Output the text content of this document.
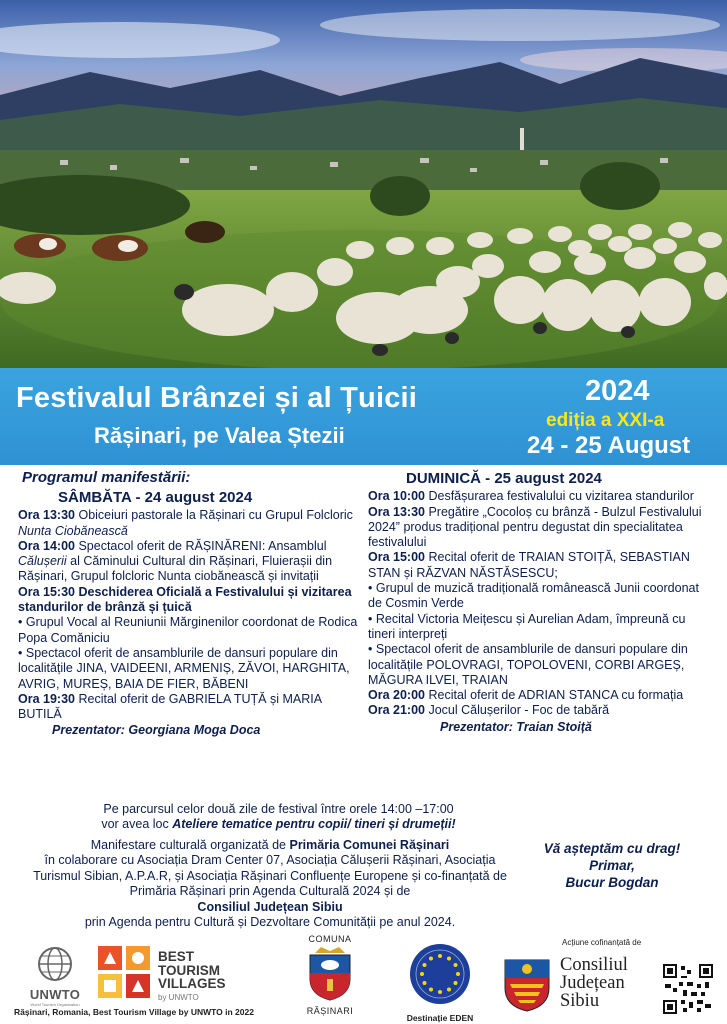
Festivalul Brânzei și al Țuicii
Rășinari, pe Valea Ștezii
2024
ediția a XXI-a
24 - 25 August
Programul manifestării:
SÂMBĂTA - 24 august 2024

Ora 13:30 Obiceiuri pastorale la Rășinari cu Grupul Folcloric Nunta Ciobănească

Ora 14:00 Spectacol oferit de RĂȘINĂRENI: Ansamblul Călușerii al Căminului Cultural din Rășinari, Fluierașii din Rășinari, Grupul folcloric Nunta ciobănească și invitații

Ora 15:30 Deschiderea Oficială a Festivalului și vizitarea standurilor de brânză și țuică

• Grupul Vocal al Reuniunii Mărginenilor coordonat de Rodica Popa Comăniciu

• Spectacol oferit de ansamblurile de dansuri populare din localitățile JINA, VAIDEENI, ARMENIȘ, ZĂVOI, HARGHITA, AVRIG, MUREȘ, BAIA DE FIER, BĂBENI

Ora 19:30 Recital oferit de GABRIELA TUȚĂ și MARIA BUTILĂ

Prezentator: Georgiana Moga Doca
DUMINICĂ - 25 august 2024

Ora 10:00 Desfășurarea festivalului cu vizitarea standurilor

Ora 13:30 Pregătire „Cocoloș cu brânză - Bulzul Festivalului 2024” produs tradițional pentru degustat din specialitatea festivalului

Ora 15:00 Recital oferit de TRAIAN STOIȚĂ, SEBASTIAN STAN și RĂZVAN NĂSTĂSESCU;

• Grupul de muzică tradițională românească Junii coordonat de Cosmin Verde

• Recital Victoria Meițescu și Aurelian Adam, împreună cu tineri interpreți

• Spectacol oferit de ansamblurile de dansuri populare din localitățile POLOVRAGI, TOPOLOVENI, CORBI ARGEȘ, MĂGURA ILVEI, TRAIAN

Ora 20:00 Recital oferit de ADRIAN STANCA cu formația

Ora 21:00 Jocul Călușerilor - Foc de tabără

Prezentator: Traian Stoiță
Pe parcursul celor două zile de festival între orele 14:00 –17:00
vor avea loc Ateliere tematice pentru copii/ tineri și drumeții!
Manifestare culturală organizată de Primăria Comunei Rășinari
în colaborare cu Asociația Dram Center 07, Asociația Călușerii Rășinari, Asociația Turismul Sibian, A.P.A.R, și Asociația Rășinari Confluențe Europene și co-finanțată de Primăria Rășinari prin Agenda Culturală 2024 și de
Consiliul Județean Sibiu
prin Agenda pentru Cultură și Dezvoltare Comunității pe anul 2024.
Vă așteptăm cu drag!
Primar,
Bucur Bogdan
UNWTO
World Tourism Organization
BEST
TOURISM
VILLAGES
by UNWTO
Rășinari, Romania, Best Tourism Village by UNWTO in 2022
COMUNA
RĂȘINARI
Destinație EDEN
Acțiune cofinanțată de
Consiliul
Județean
Sibiu
